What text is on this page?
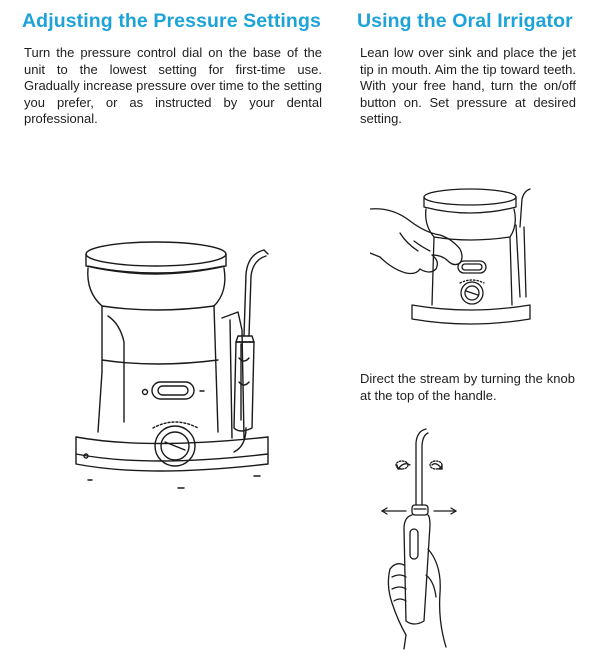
Adjusting the Pressure Settings

Turn the pressure control dial on the base of the unit to the lowest setting for first-time use. Gradually increase pressure over time to the setting you prefer, or as instructed by your dental professional.

Using the Oral Irrigator

Lean low over sink and place the jet tip in mouth. Aim the tip toward teeth. With your free hand, turn the on/off button on. Set pressure at desired setting.

Direct the stream by turning the knob at the top of the handle.
